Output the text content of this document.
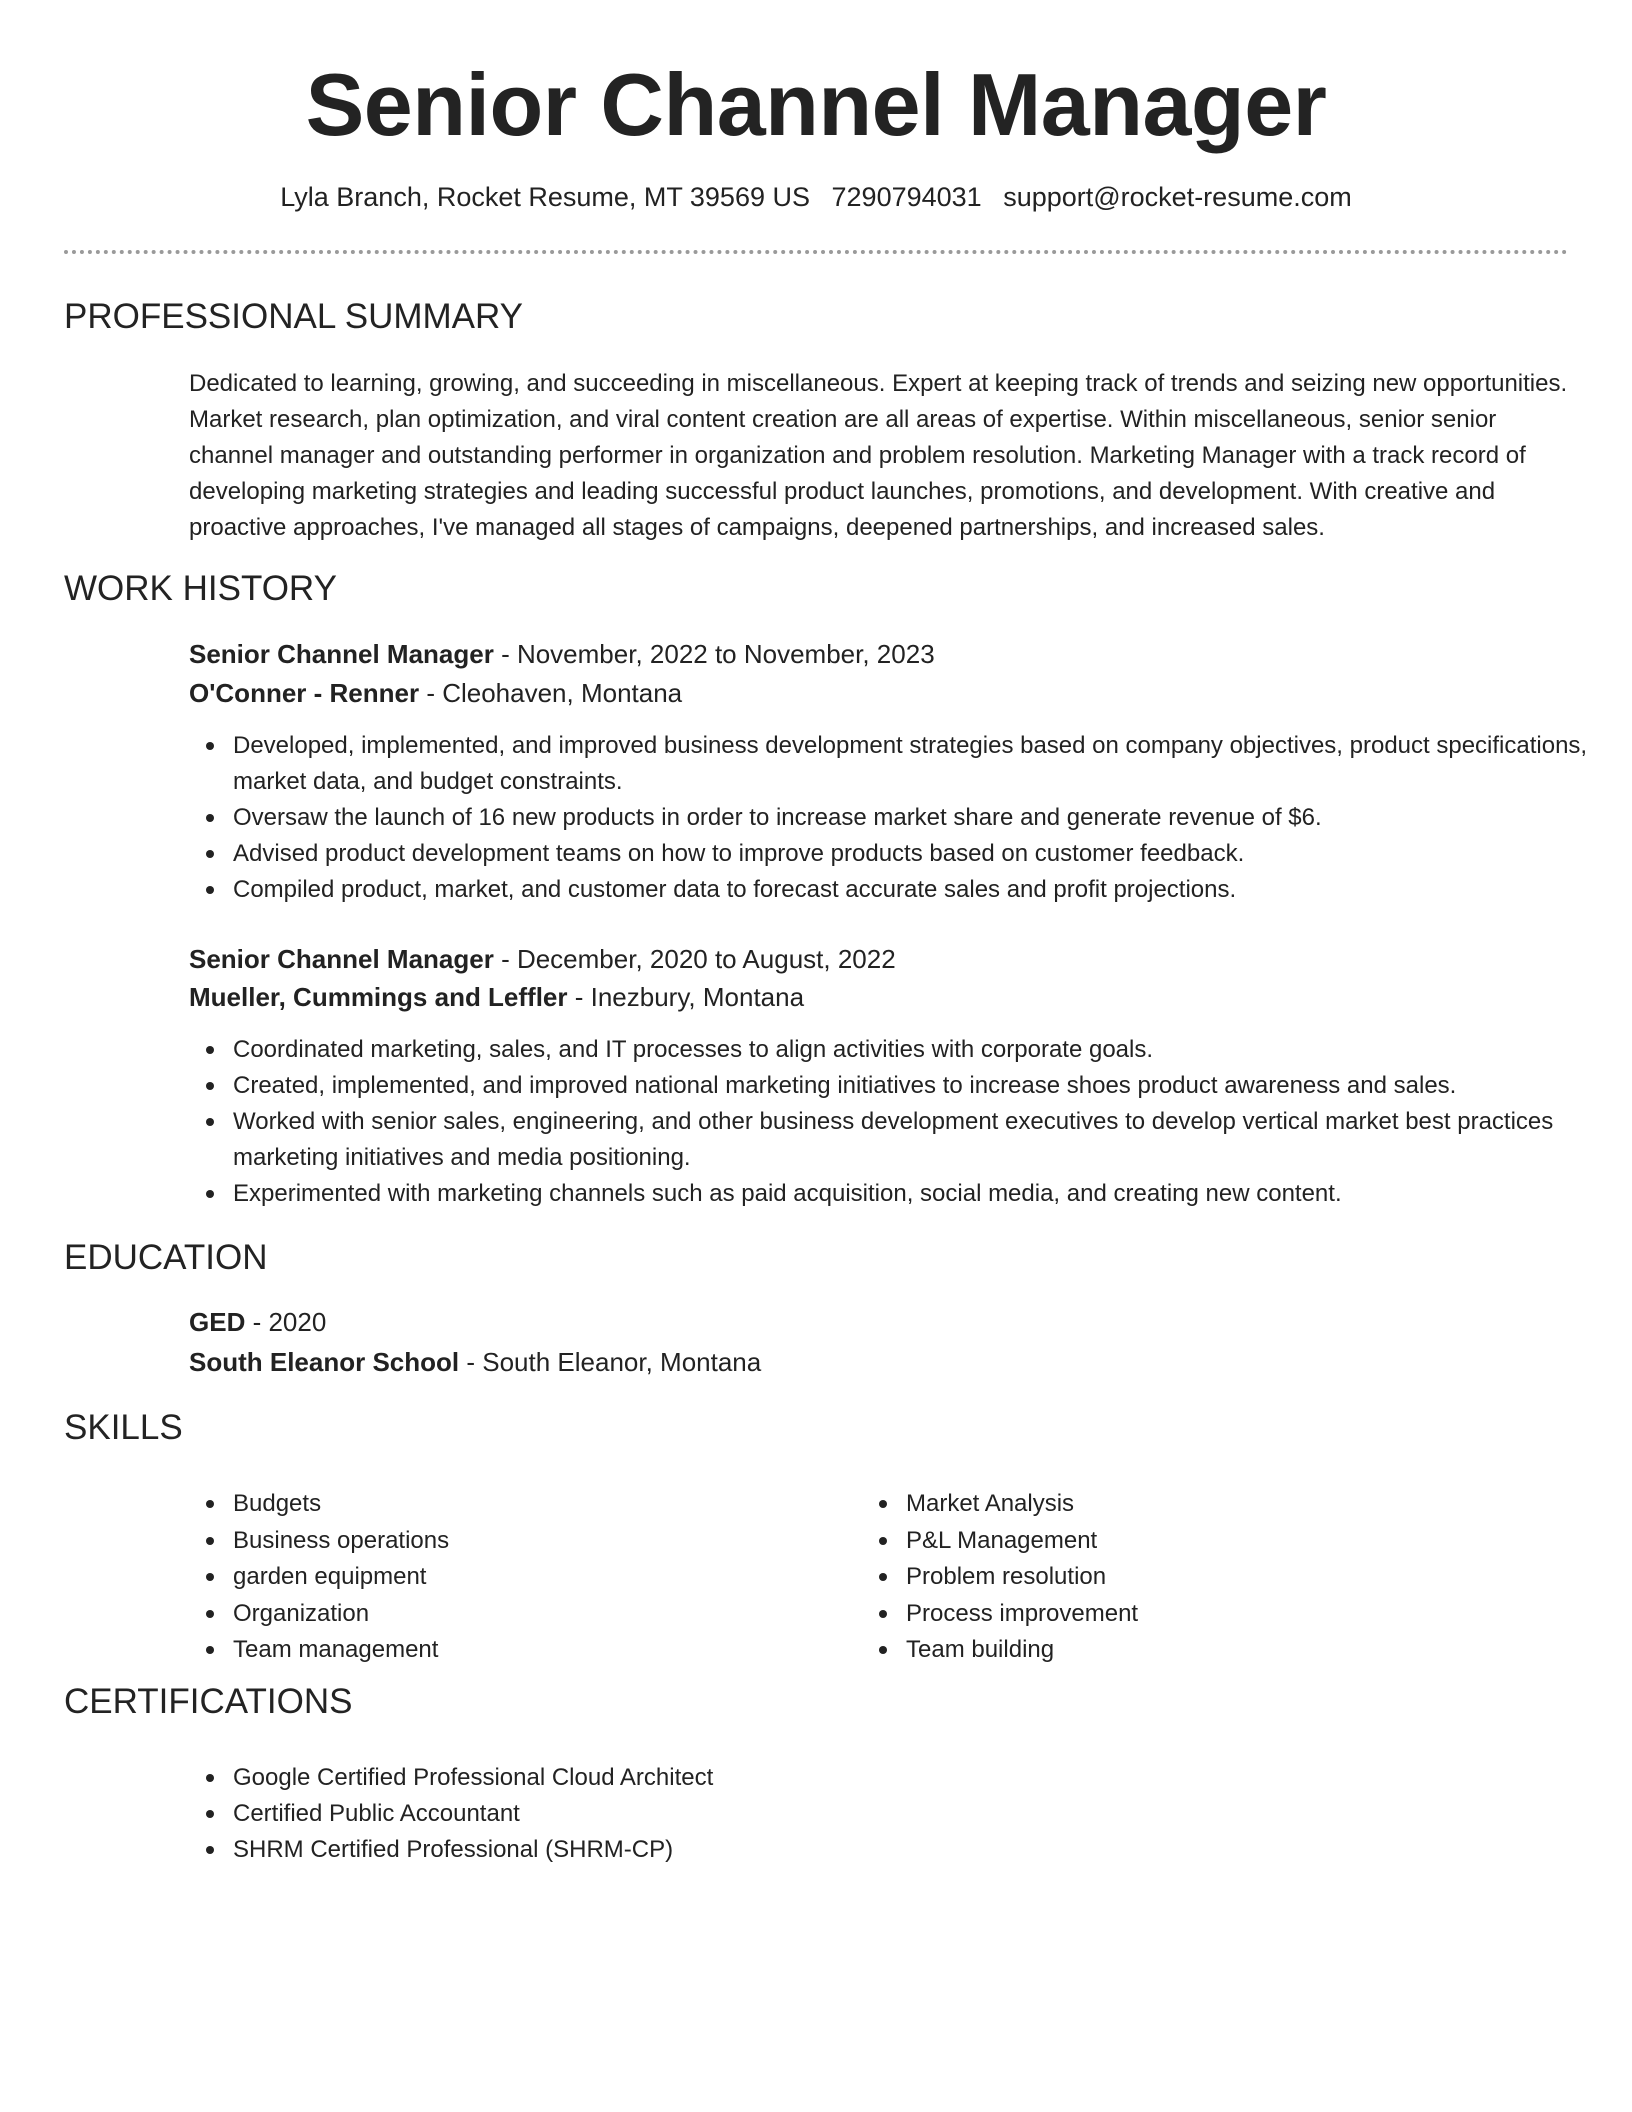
Senior Channel Manager
Lyla Branch, Rocket Resume, MT 39569 US 7290794031 support@rocket-resume.com
PROFESSIONAL SUMMARY

Dedicated to learning, growing, and succeeding in miscellaneous. Expert at keeping track of trends and seizing new opportunities. Market research, plan optimization, and viral content creation are all areas of expertise. Within miscellaneous, senior senior channel manager and outstanding performer in organization and problem resolution. Marketing Manager with a track record of developing marketing strategies and leading successful product launches, promotions, and development. With creative and proactive approaches, I've managed all stages of campaigns, deepened partnerships, and increased sales.

WORK HISTORY
Senior Channel Manager - November, 2022 to November, 2023
O'Conner - Renner - Cleohaven, Montana
Developed, implemented, and improved business development strategies based on company objectives, product specifications, market data, and budget constraints.
Oversaw the launch of 16 new products in order to increase market share and generate revenue of $6.
Advised product development teams on how to improve products based on customer feedback.
Compiled product, market, and customer data to forecast accurate sales and profit projections.
Senior Channel Manager - December, 2020 to August, 2022
Mueller, Cummings and Leffler - Inezbury, Montana
Coordinated marketing, sales, and IT processes to align activities with corporate goals.
Created, implemented, and improved national marketing initiatives to increase shoes product awareness and sales.
Worked with senior sales, engineering, and other business development executives to develop vertical market best practices marketing initiatives and media positioning.
Experimented with marketing channels such as paid acquisition, social media, and creating new content.
EDUCATION
GED - 2020
South Eleanor School - South Eleanor, Montana
SKILLS
Budgets
Business operations
garden equipment
Organization
Team management
Market Analysis
P&L Management
Problem resolution
Process improvement
Team building
CERTIFICATIONS
Google Certified Professional Cloud Architect
Certified Public Accountant
SHRM Certified Professional (SHRM-CP)
